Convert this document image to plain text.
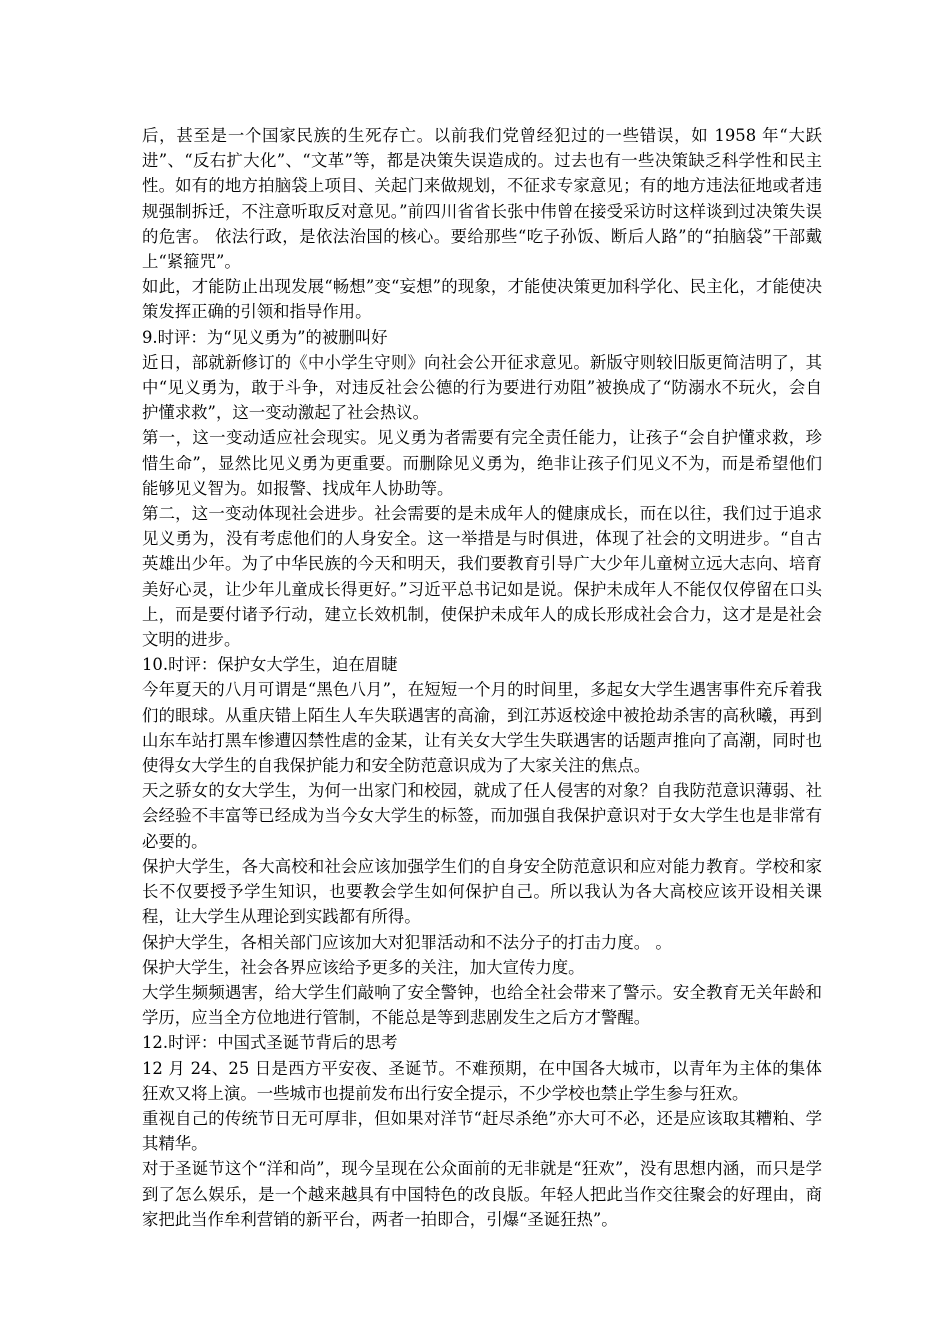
后，甚至是一个国家民族的生死存亡。以前我们党曾经犯过的一些错误，如 1958 年“大跃进”、“反右扩大化”、“文革”等，都是决策失误造成的。过去也有一些决策缺乏科学性和民主性。如有的地方拍脑袋上项目、关起门来做规划，不征求专家意见；有的地方违法征地或者违规强制拆迁，不注意听取反对意见。”前四川省省长张中伟曾在接受采访时这样谈到过决策失误的危害。 依法行政，是依法治国的核心。要给那些“吃子孙饭、断后人路”的“拍脑袋”干部戴上“紧箍咒”。

如此，才能防止出现发展“畅想”变“妄想”的现象，才能使决策更加科学化、民主化，才能使决策发挥正确的引领和指导作用。

9.时评：为“见义勇为”的被删叫好

近日，部就新修订的《中小学生守则》向社会公开征求意见。新版守则较旧版更简洁明了，其中“见义勇为，敢于斗争，对违反社会公德的行为要进行劝阻”被换成了“防溺水不玩火，会自护懂求救”，这一变动激起了社会热议。

第一，这一变动适应社会现实。见义勇为者需要有完全责任能力，让孩子“会自护懂求救，珍惜生命”，显然比见义勇为更重要。而删除见义勇为，绝非让孩子们见义不为，而是希望他们能够见义智为。如报警、找成年人协助等。

第二，这一变动体现社会进步。社会需要的是未成年人的健康成长，而在以往，我们过于追求见义勇为，没有考虑他们的人身安全。这一举措是与时俱进，体现了社会的文明进步。“自古英雄出少年。为了中华民族的今天和明天，我们要教育引导广大少年儿童树立远大志向、培育美好心灵，让少年儿童成长得更好。”习近平总书记如是说。保护未成年人不能仅仅停留在口头上，而是要付诸予行动，建立长效机制，使保护未成年人的成长形成社会合力，这才是是社会文明的进步。

10.时评：保护女大学生，迫在眉睫

今年夏天的八月可谓是“黑色八月”，在短短一个月的时间里，多起女大学生遇害事件充斥着我们的眼球。从重庆错上陌生人车失联遇害的高渝，到江苏返校途中被抢劫杀害的高秋曦，再到山东车站打黑车惨遭囚禁性虐的金某，让有关女大学生失联遇害的话题声推向了高潮，同时也使得女大学生的自我保护能力和安全防范意识成为了大家关注的焦点。

天之骄女的女大学生，为何一出家门和校园，就成了任人侵害的对象？自我防范意识薄弱、社会经验不丰富等已经成为当今女大学生的标签，而加强自我保护意识对于女大学生也是非常有必要的。

保护大学生，各大高校和社会应该加强学生们的自身安全防范意识和应对能力教育。学校和家长不仅要授予学生知识，也要教会学生如何保护自己。所以我认为各大高校应该开设相关课程，让大学生从理论到实践都有所得。

保护大学生，各相关部门应该加大对犯罪活动和不法分子的打击力度。 。

保护大学生，社会各界应该给予更多的关注，加大宣传力度。

大学生频频遇害，给大学生们敲响了安全警钟，也给全社会带来了警示。安全教育无关年龄和学历，应当全方位地进行管制，不能总是等到悲剧发生之后方才警醒。

12.时评：中国式圣诞节背后的思考

12 月 24、25 日是西方平安夜、圣诞节。不难预期，在中国各大城市，以青年为主体的集体狂欢又将上演。一些城市也提前发布出行安全提示，不少学校也禁止学生参与狂欢。

重视自己的传统节日无可厚非，但如果对洋节“赶尽杀绝”亦大可不必，还是应该取其糟粕、学其精华。

对于圣诞节这个“洋和尚”，现今呈现在公众面前的无非就是“狂欢”，没有思想内涵，而只是学到了怎么娱乐，是一个越来越具有中国特色的改良版。年轻人把此当作交往聚会的好理由，商家把此当作牟利营销的新平台，两者一拍即合，引爆“圣诞狂热”。
